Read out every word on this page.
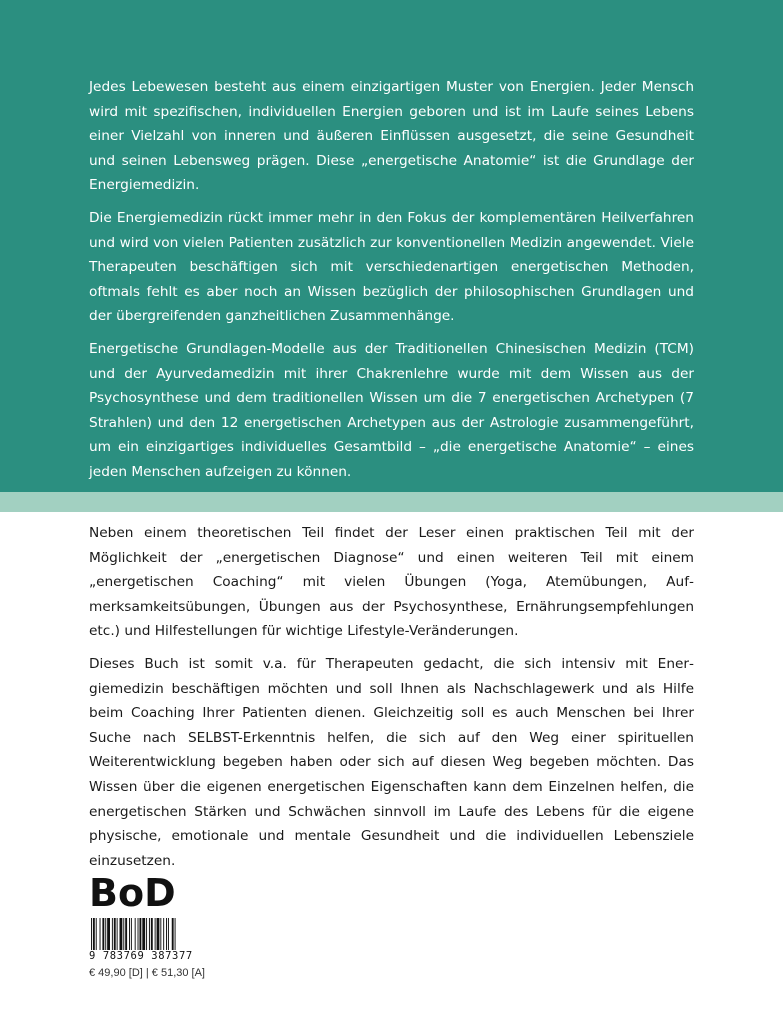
Jedes Lebewesen besteht aus einem einzigartigen Muster von Energien. Jeder Mensch wird mit spezifischen, individuellen Energien geboren und ist im Laufe seines Lebens einer Vielzahl von inneren und äußeren Einflüssen ausgesetzt, die seine Gesundheit und seinen Lebensweg prägen. Diese „energetische Anatomie“ ist die Grundlage der Energiemedizin.

Die Energiemedizin rückt immer mehr in den Fokus der komplementären Heilverfahren und wird von vielen Patienten zusätzlich zur konventionellen Medizin angewendet. Viele Therapeuten beschäftigen sich mit verschiedenartigen energetischen Methoden, oftmals fehlt es aber noch an Wissen bezüglich der philosophischen Grundlagen und der übergreifenden ganzheitlichen Zusammenhänge.

Energetische Grundlagen-Modelle aus der Traditionellen Chinesischen Medizin (TCM) und der Ayurvedamedizin mit ihrer Chakrenlehre wurde mit dem Wissen aus der Psychosynthese und dem traditionellen Wissen um die 7 energetischen Archetypen (7 Strahlen) und den 12 energetischen Archetypen aus der Astrologie zusammengeführt, um ein einzigartiges individuelles Gesamtbild – „die energetische Anatomie“ – eines jeden Menschen aufzeigen zu können.

Neben einem theoretischen Teil findet der Leser einen praktischen Teil mit der Möglichkeit der „energetischen Diagnose“ und einen weiteren Teil mit einem „energetischen Coaching“ mit vielen Übungen (Yoga, Atemübungen, Aufmerksamkeitsübungen, Übungen aus der Psychosynthese, Ernährungsempfehlungen etc.) und Hilfestellungen für wichtige Lifestyle-Veränderungen.

Dieses Buch ist somit v.a. für Therapeuten gedacht, die sich intensiv mit Energiemedizin beschäftigen möchten und soll Ihnen als Nachschlagewerk und als Hilfe beim Coaching Ihrer Patienten dienen. Gleichzeitig soll es auch Menschen bei Ihrer Suche nach SELBST-Erkenntnis helfen, die sich auf den Weg einer spirituellen Weiterentwicklung begeben haben oder sich auf diesen Weg begeben möchten. Das Wissen über die eigenen energetischen Eigenschaften kann dem Einzelnen helfen, die energetischen Stärken und Schwächen sinnvoll im Laufe des Lebens für die eigene physische, emotionale und mentale Gesundheit und die individuellen Lebensziele einzusetzen.

BoD
9 783769 387377
€ 49,90 [D] | € 51,30 [A]
